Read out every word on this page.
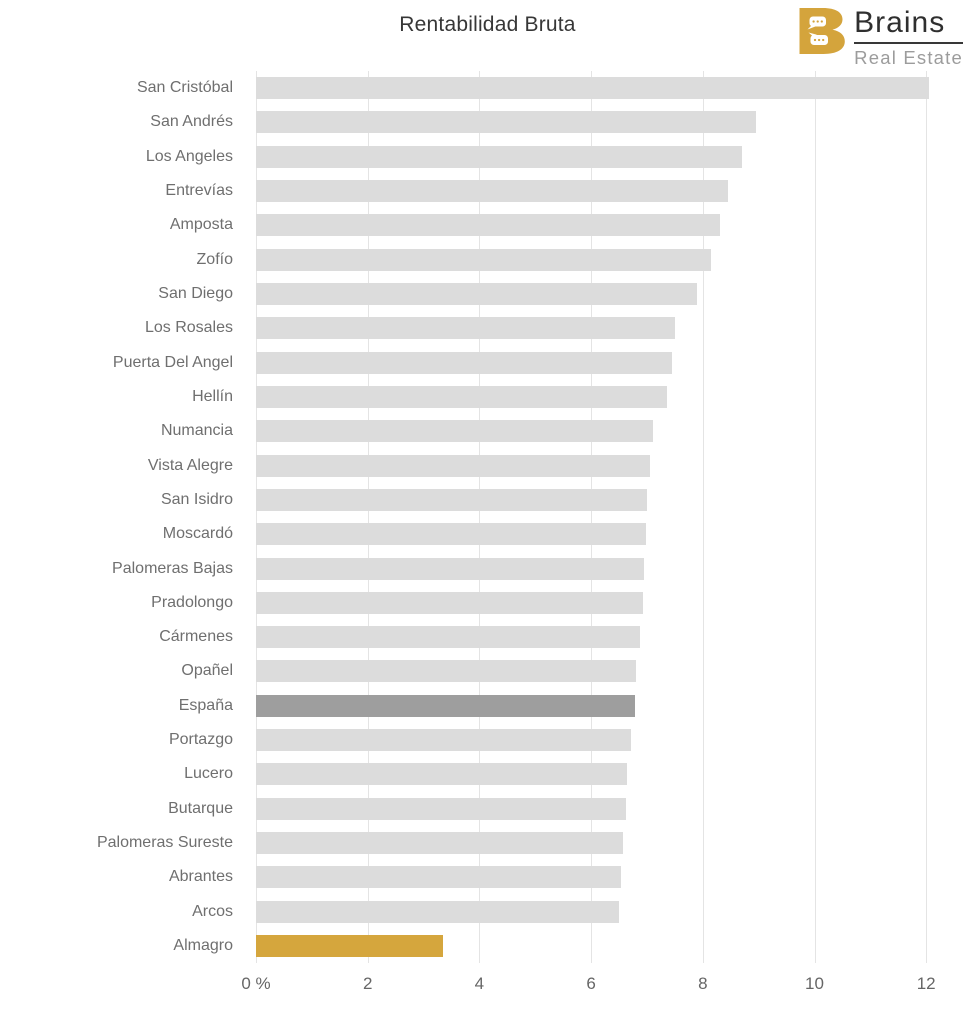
Rentabilidad Bruta	Brains
Real Estate
San Cristóbal
San Andrés
Los Angeles
Entrevías
Amposta
Zofío
San Diego
Los Rosales
Puerta Del Angel
Hellín
Numancia
Vista Alegre
San Isidro
Moscardó
Palomeras Bajas
Pradolongo
Cármenes
Opañel
España
Portazgo
Lucero
Butarque
Palomeras Sureste
Abrantes
Arcos
Almagro
0 %	2	4	6	8	10	12
